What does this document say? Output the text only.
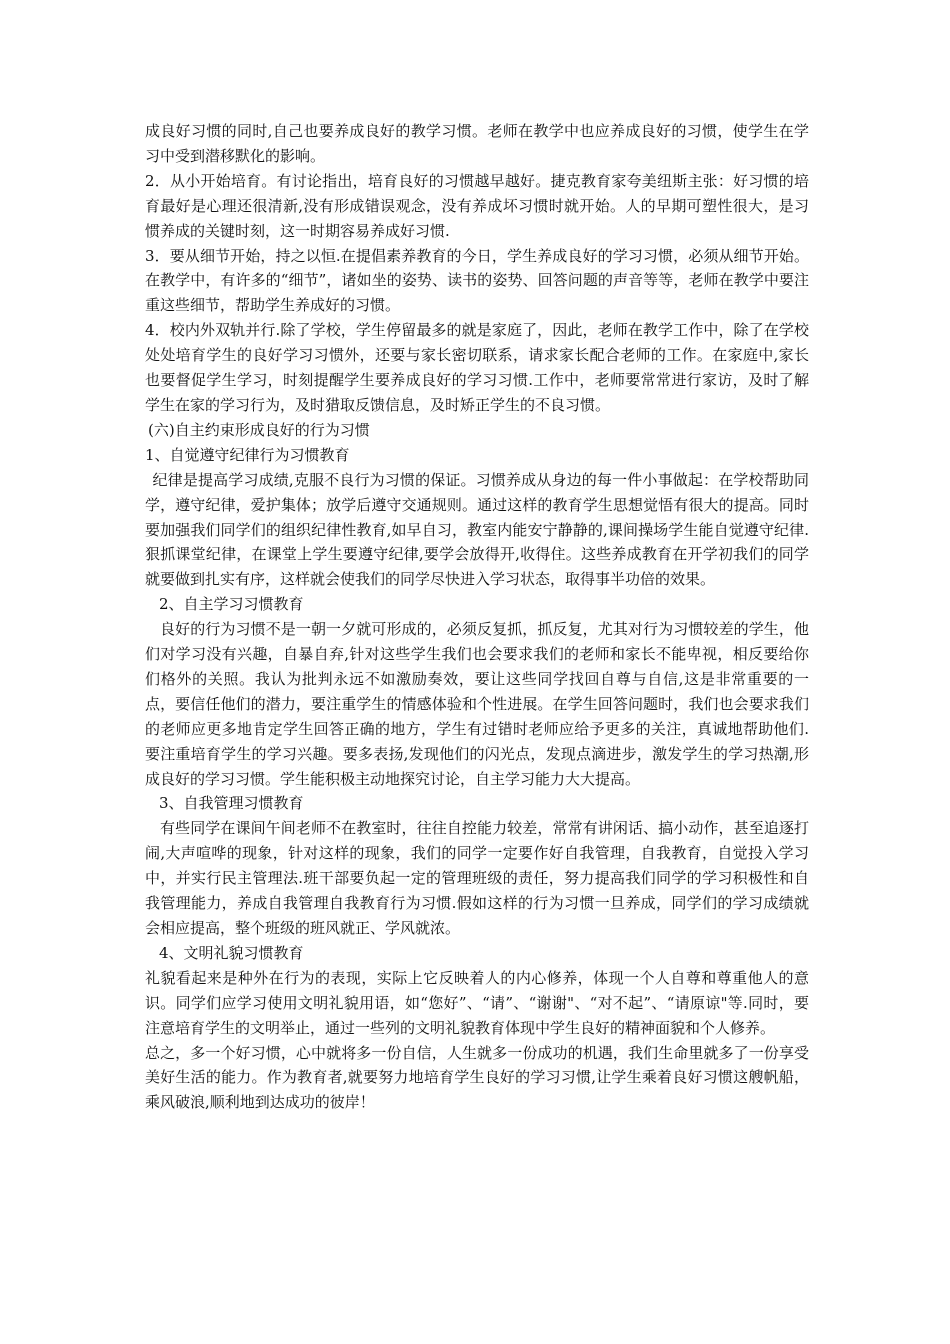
成良好习惯的同时,自己也要养成良好的教学习惯。老师在教学中也应养成良好的习惯，使学生在学习中受到潜移默化的影响。

2．从小开始培育。有讨论指出，培育良好的习惯越早越好。捷克教育家夸美纽斯主张：好习惯的培育最好是心理还很清新,没有形成错误观念，没有养成坏习惯时就开始。人的早期可塑性很大，是习惯养成的关键时刻，这一时期容易养成好习惯.

3．要从细节开始，持之以恒.在提倡素养教育的今日，学生养成良好的学习习惯，必须从细节开始。在教学中，有许多的“细节”，诸如坐的姿势、读书的姿势、回答问题的声音等等，老师在教学中要注重这些细节，帮助学生养成好的习惯。

4．校内外双轨并行.除了学校，学生停留最多的就是家庭了，因此，老师在教学工作中，除了在学校处处培育学生的良好学习习惯外，还要与家长密切联系，请求家长配合老师的工作。在家庭中,家长也要督促学生学习，时刻提醒学生要养成良好的学习习惯.工作中，老师要常常进行家访，及时了解学生在家的学习行为，及时猎取反馈信息，及时矫正学生的不良习惯。

(六)自主约束形成良好的行为习惯

1、自觉遵守纪律行为习惯教育

纪律是提高学习成绩,克服不良行为习惯的保证。习惯养成从身边的每一件小事做起：在学校帮助同学，遵守纪律，爱护集体；放学后遵守交通规则。通过这样的教育学生思想觉悟有很大的提高。同时要加强我们同学们的组织纪律性教育,如早自习，教室内能安宁静静的,课间操场学生能自觉遵守纪律.狠抓课堂纪律，在课堂上学生要遵守纪律,要学会放得开,收得住。这些养成教育在开学初我们的同学就要做到扎实有序，这样就会使我们的同学尽快进入学习状态，取得事半功倍的效果。

2、自主学习习惯教育

良好的行为习惯不是一朝一夕就可形成的，必须反复抓，抓反复，尤其对行为习惯较差的学生，他们对学习没有兴趣，自暴自弃,针对这些学生我们也会要求我们的老师和家长不能卑视，相反要给你们格外的关照。我认为批判永远不如激励奏效，要让这些同学找回自尊与自信,这是非常重要的一点，要信任他们的潜力，要注重学生的情感体验和个性进展。在学生回答问题时，我们也会要求我们的老师应更多地肯定学生回答正确的地方，学生有过错时老师应给予更多的关注，真诚地帮助他们.要注重培育学生的学习兴趣。要多表扬,发现他们的闪光点，发现点滴进步，激发学生的学习热潮,形成良好的学习习惯。学生能积极主动地探究讨论，自主学习能力大大提高。

3、自我管理习惯教育

有些同学在课间午间老师不在教室时，往往自控能力较差，常常有讲闲话、搞小动作，甚至追逐打闹,大声喧哗的现象，针对这样的现象，我们的同学一定要作好自我管理，自我教育，自觉投入学习中，并实行民主管理法.班干部要负起一定的管理班级的责任，努力提高我们同学的学习积极性和自我管理能力，养成自我管理自我教育行为习惯.假如这样的行为习惯一旦养成，同学们的学习成绩就会相应提高，整个班级的班风就正、学风就浓。

4、文明礼貌习惯教育

礼貌看起来是种外在行为的表现，实际上它反映着人的内心修养，体现一个人自尊和尊重他人的意识。同学们应学习使用文明礼貌用语，如“您好”、“请”、“谢谢"、“对不起”、“请原谅"等.同时，要注意培育学生的文明举止，通过一些列的文明礼貌教育体现中学生良好的精神面貌和个人修养。

总之，多一个好习惯，心中就将多一份自信，人生就多一份成功的机遇，我们生命里就多了一份享受美好生活的能力。作为教育者,就要努力地培育学生良好的学习习惯,让学生乘着良好习惯这艘帆船，乘风破浪,顺利地到达成功的彼岸！
